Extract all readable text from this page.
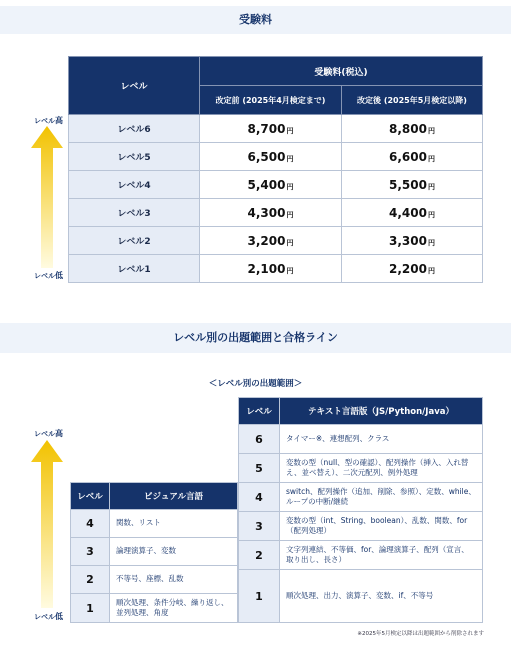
受験料
レベル高
レベル低
レベル	受験料(税込)	
	改定前 (2025年4月検定まで)	改定後 (2025年5月検定以降)
レベル6	8,700円	8,800円
レベル5	6,500円	6,600円
レベル4	5,400円	5,500円
レベル3	4,300円	4,400円
レベル2	3,200円	3,300円
レベル1	2,100円	2,200円
レベル別の出題範囲と合格ライン
＜レベル別の出題範囲＞
レベル高
レベル低
レベル	テキスト言語版（JS/Python/Java）
6	タイマー※、連想配列、クラス
5	変数の型（null、型の確認）、配列操作（挿入、入れ替え、並べ替え）、二次元配列、例外処理
4	switch、配列操作（追加、削除、参照）、定数、while、ループの中断/継続
3	変数の型（int、String、boolean）、乱数、関数、for（配列処理）
2	文字列連結、不等価、for、論理演算子、配列（宣言、取り出し、長さ）
1	順次処理、出力、演算子、変数、if、不等号
レベル	ビジュアル言語
4	関数、リスト
3	論理演算子、変数
2	不等号、座標、乱数
1	順次処理、条件分岐、繰り返し、並列処理、角度
※2025年5月検定以降は出題範囲から削除されます
